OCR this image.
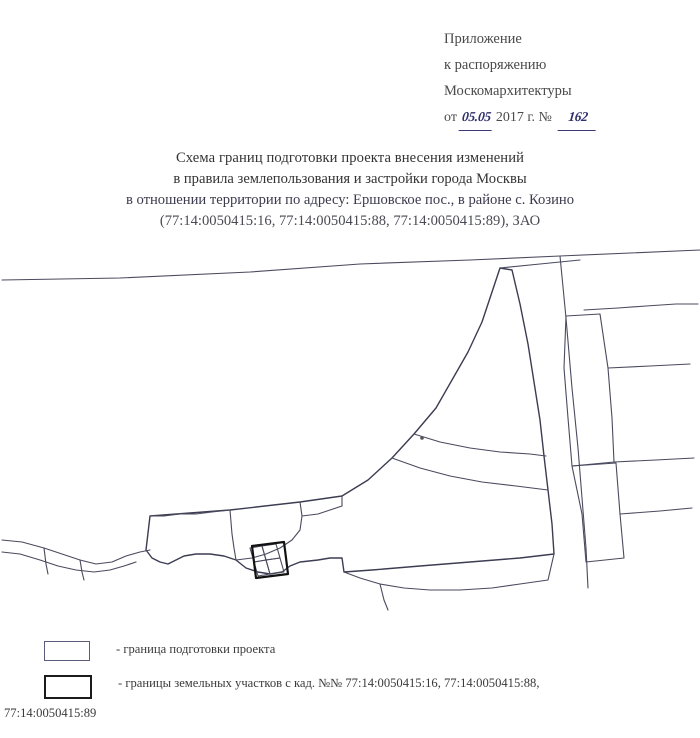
Приложение
к распоряжению
Москомархитектуры
от 05.05 2017 г. №	162
Схема границ подготовки проекта внесения изменений
в правила землепользования и застройки города Москвы
в отношении территории по адресу: Ершовское пос., в районе с. Козино
(77:14:0050415:16, 77:14:0050415:88, 77:14:0050415:89), ЗАО
- граница подготовки проекта
- границы земельных участков с кад. №№ 77:14:0050415:16, 77:14:0050415:88,
77:14:0050415:89
